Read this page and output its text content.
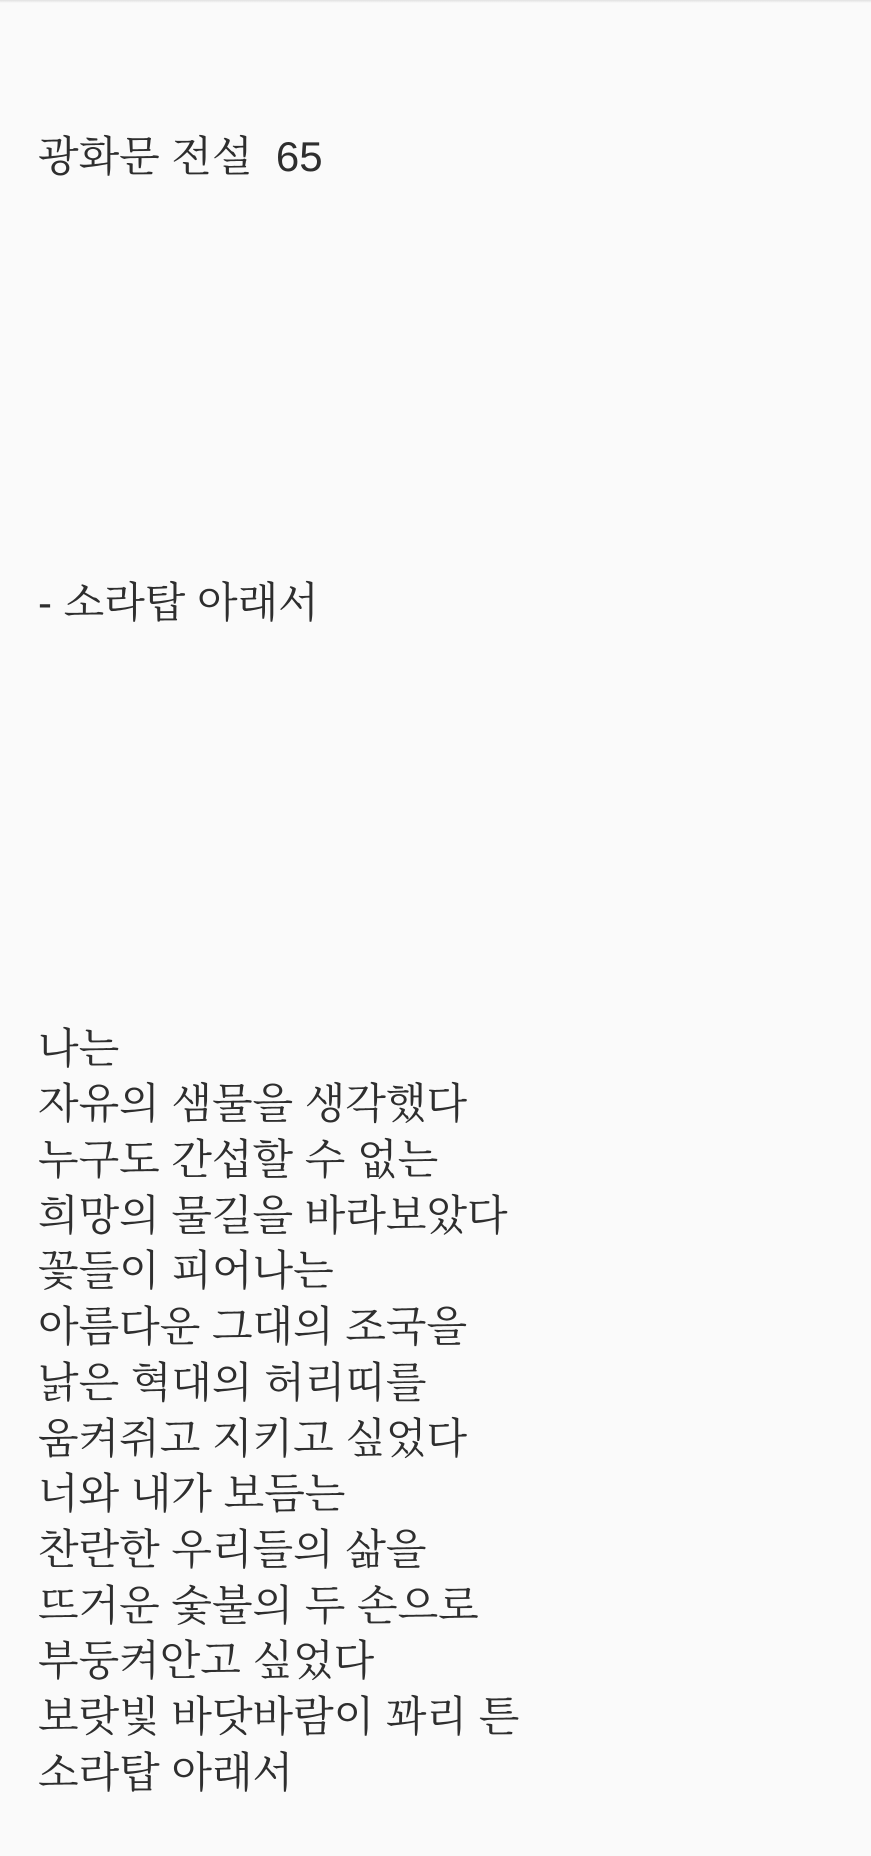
광화문 전설  65

- 소라탑 아래서

나는
자유의 샘물을 생각했다
누구도 간섭할 수 없는
희망의 물길을 바라보았다
꽃들이 피어나는
아름다운 그대의 조국을
낡은 혁대의 허리띠를
움켜쥐고 지키고 싶었다
너와 내가 보듬는
찬란한 우리들의 삶을
뜨거운 숯불의 두 손으로
부둥켜안고 싶었다
보랏빛 바닷바람이 꽈리 튼
소라탑 아래서
